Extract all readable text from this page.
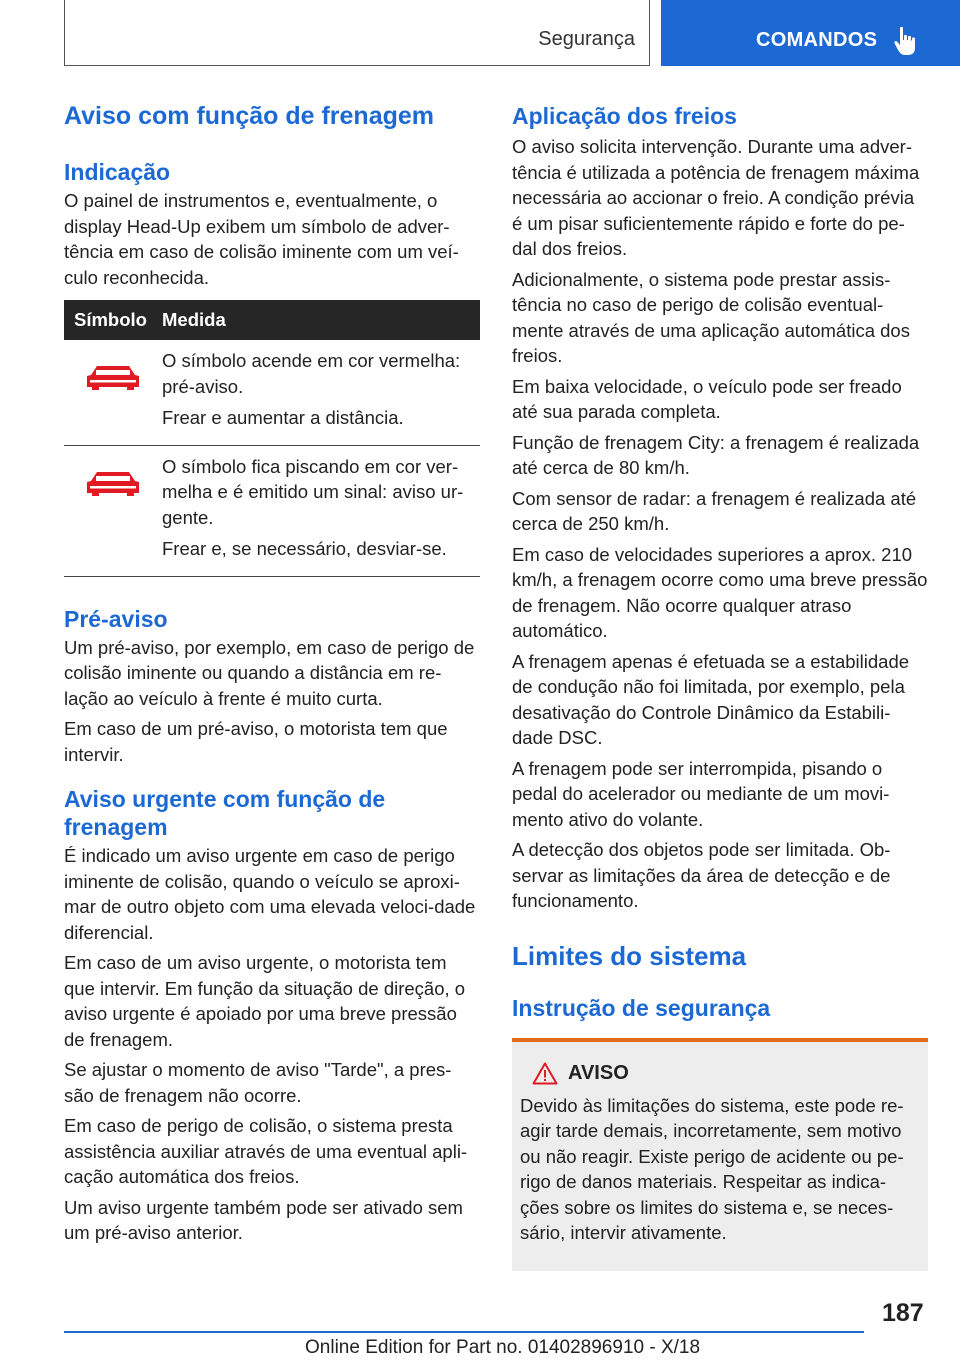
Segurança	COMANDOS
Aviso com função de frenagem
Indicação

O painel de instrumentos e, eventualmente, o display Head-Up exibem um símbolo de adver‐tência em caso de colisão iminente com um veí‐culo reconhecida.

Símbolo Medida

O símbolo acende em cor vermelha: pré-aviso.

Frear e aumentar a distância.

O símbolo fica piscando em cor ver‐melha e é emitido um sinal: aviso ur‐gente.

Frear e, se necessário, desviar-se.

Pré-aviso

Um pré-aviso, por exemplo, em caso de perigo de colisão iminente ou quando a distância em re‐lação ao veículo à frente é muito curta.

Em caso de um pré-aviso, o motorista tem que intervir.

Aviso urgente com função de frenagem

É indicado um aviso urgente em caso de perigo iminente de colisão, quando o veículo se aproxi‐mar de outro objeto com uma elevada veloci‐dade diferencial.

Em caso de um aviso urgente, o motorista tem que intervir. Em função da situação de direção, o aviso urgente é apoiado por uma breve pressão de frenagem.

Se ajustar o momento de aviso "Tarde", a pres‐são de frenagem não ocorre.

Em caso de perigo de colisão, o sistema presta assistência auxiliar através de uma eventual apli‐cação automática dos freios.

Um aviso urgente também pode ser ativado sem um pré-aviso anterior.

Aplicação dos freios

O aviso solicita intervenção. Durante uma adver‐tência é utilizada a potência de frenagem máxima necessária ao accionar o freio. A condição prévia é um pisar suficientemente rápido e forte do pe‐dal dos freios.

Adicionalmente, o sistema pode prestar assis‐tência no caso de perigo de colisão eventual‐mente através de uma aplicação automática dos freios.

Em baixa velocidade, o veículo pode ser freado até sua parada completa.

Função de frenagem City: a frenagem é realizada até cerca de 80 km/h.

Com sensor de radar: a frenagem é realizada até cerca de 250 km/h.

Em caso de velocidades superiores a aprox. 210 km/h, a frenagem ocorre como uma breve pressão de frenagem. Não ocorre qualquer atraso automático.

A frenagem apenas é efetuada se a estabilidade de condução não foi limitada, por exemplo, pela desativação do Controle Dinâmico da Estabili‐dade DSC.

A frenagem pode ser interrompida, pisando o pedal do acelerador ou mediante de um movi‐mento ativo do volante.

A detecção dos objetos pode ser limitada. Ob‐servar as limitações da área de detecção e de funcionamento.

Limites do sistema
Instrução de segurança
AVISO

Devido às limitações do sistema, este pode re‐agir tarde demais, incorretamente, sem motivo ou não reagir. Existe perigo de acidente ou pe‐rigo de danos materiais. Respeitar as indica‐ções sobre os limites do sistema e, se neces‐sário, intervir ativamente.

187
Online Edition for Part no. 01402896910 - X/18
